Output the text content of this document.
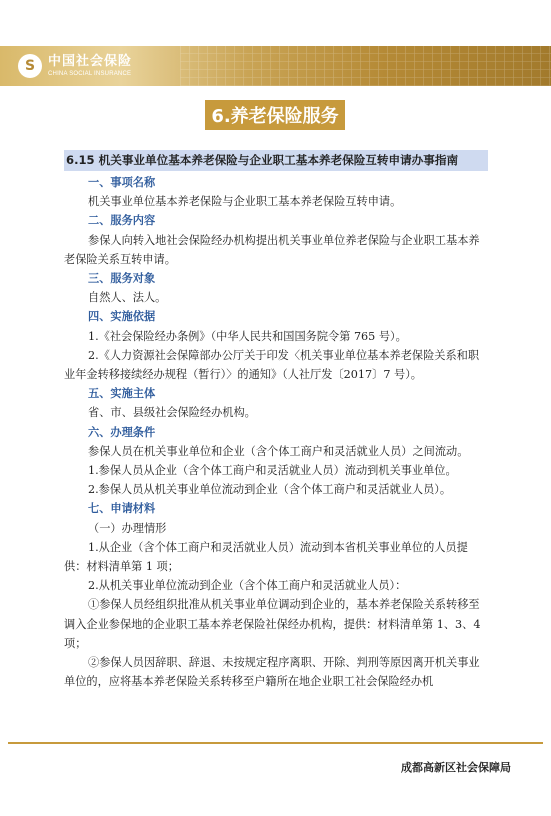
S 中国社会保险
CHINA SOCIAL INSURANCE
6.养老保险服务

6.15 机关事业单位基本养老保险与企业职工基本养老保险互转申请办事指南

一、事项名称

机关事业单位基本养老保险与企业职工基本养老保险互转申请。

二、服务内容

参保人向转入地社会保险经办机构提出机关事业单位养老保险与企业职工基本养老保险关系互转申请。

三、服务对象

自然人、法人。

四、实施依据

1.《社会保险经办条例》（中华人民共和国国务院令第 765 号）。

2.《人力资源社会保障部办公厅关于印发〈机关事业单位基本养老保险关系和职业年金转移接续经办规程（暂行）〉的通知》（人社厅发〔2017〕7 号）。

五、实施主体

省、市、县级社会保险经办机构。

六、办理条件

参保人员在机关事业单位和企业（含个体工商户和灵活就业人员）之间流动。

1.参保人员从企业（含个体工商户和灵活就业人员）流动到机关事业单位。

2.参保人员从机关事业单位流动到企业（含个体工商户和灵活就业人员）。

七、申请材料

（一）办理情形

1.从企业（含个体工商户和灵活就业人员）流动到本省机关事业单位的人员提供：材料清单第 1 项；

2.从机关事业单位流动到企业（含个体工商户和灵活就业人员）：

①参保人员经组织批准从机关事业单位调动到企业的，基本养老保险关系转移至调入企业参保地的企业职工基本养老保险社保经办机构，提供：材料清单第 1、3、4 项；

②参保人员因辞职、辞退、未按规定程序离职、开除、判刑等原因离开机关事业单位的，应将基本养老保险关系转移至户籍所在地企业职工社会保险经办机

成都高新区社会保障局
